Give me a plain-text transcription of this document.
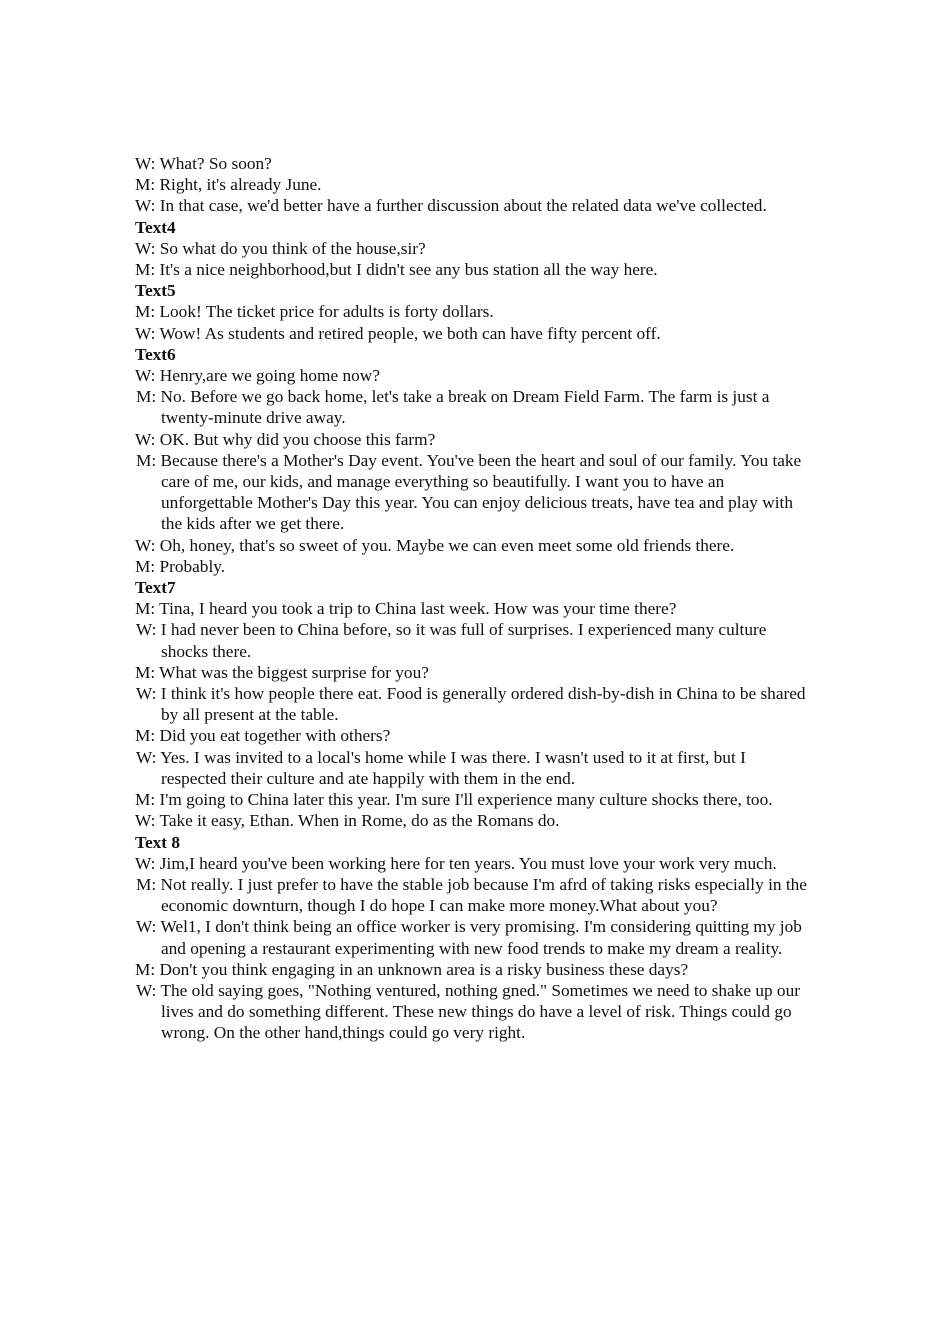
W: What? So soon?

M: Right, it's already June.

W: In that case, we'd better have a further discussion about the related data we've collected.

Text4

W: So what do you think of the house,sir?

M: It's a nice neighborhood,but I didn't see any bus station all the way here.

Text5

M: Look! The ticket price for adults is forty dollars.

W: Wow! As students and retired people, we both can have fifty percent off.

Text6

W: Henry,are we going home now?

M: No. Before we go back home, let's take a break on Dream Field Farm. The farm is just a twenty-minute drive away.

W: OK. But why did you choose this farm?

M: Because there's a Mother's Day event. You've been the heart and soul of our family. You take care of me, our kids, and manage everything so beautifully. I want you to have an unforgettable Mother's Day this year. You can enjoy delicious treats, have tea and play with the kids after we get there.

W: Oh, honey, that's so sweet of you. Maybe we can even meet some old friends there.

M: Probably.

Text7

M: Tina, I heard you took a trip to China last week. How was your time there?

W: I had never been to China before, so it was full of surprises. I experienced many culture shocks there.

M: What was the biggest surprise for you?

W: I think it's how people there eat. Food is generally ordered dish-by-dish in China to be shared by all present at the table.

M: Did you eat together with others?

W: Yes. I was invited to a local's home while I was there. I wasn't used to it at first, but I respected their culture and ate happily with them in the end.

M: I'm going to China later this year. I'm sure I'll experience many culture shocks there, too.

W: Take it easy, Ethan. When in Rome, do as the Romans do.

Text 8

W: Jim,I heard you've been working here for ten years. You must love your work very much.

M: Not really. I just prefer to have the stable job because I'm afrd of taking risks especially in the economic downturn, though I do hope I can make more money.What about you?

W: Wel1, I don't think being an office worker is very promising. I'm considering quitting my job and opening a restaurant experimenting with new food trends to make my dream a reality.

M: Don't you think engaging in an unknown area is a risky business these days?

W: The old saying goes, "Nothing ventured, nothing gned." Sometimes we need to shake up our lives and do something different. These new things do have a level of risk. Things could go wrong. On the other hand,things could go very right.
